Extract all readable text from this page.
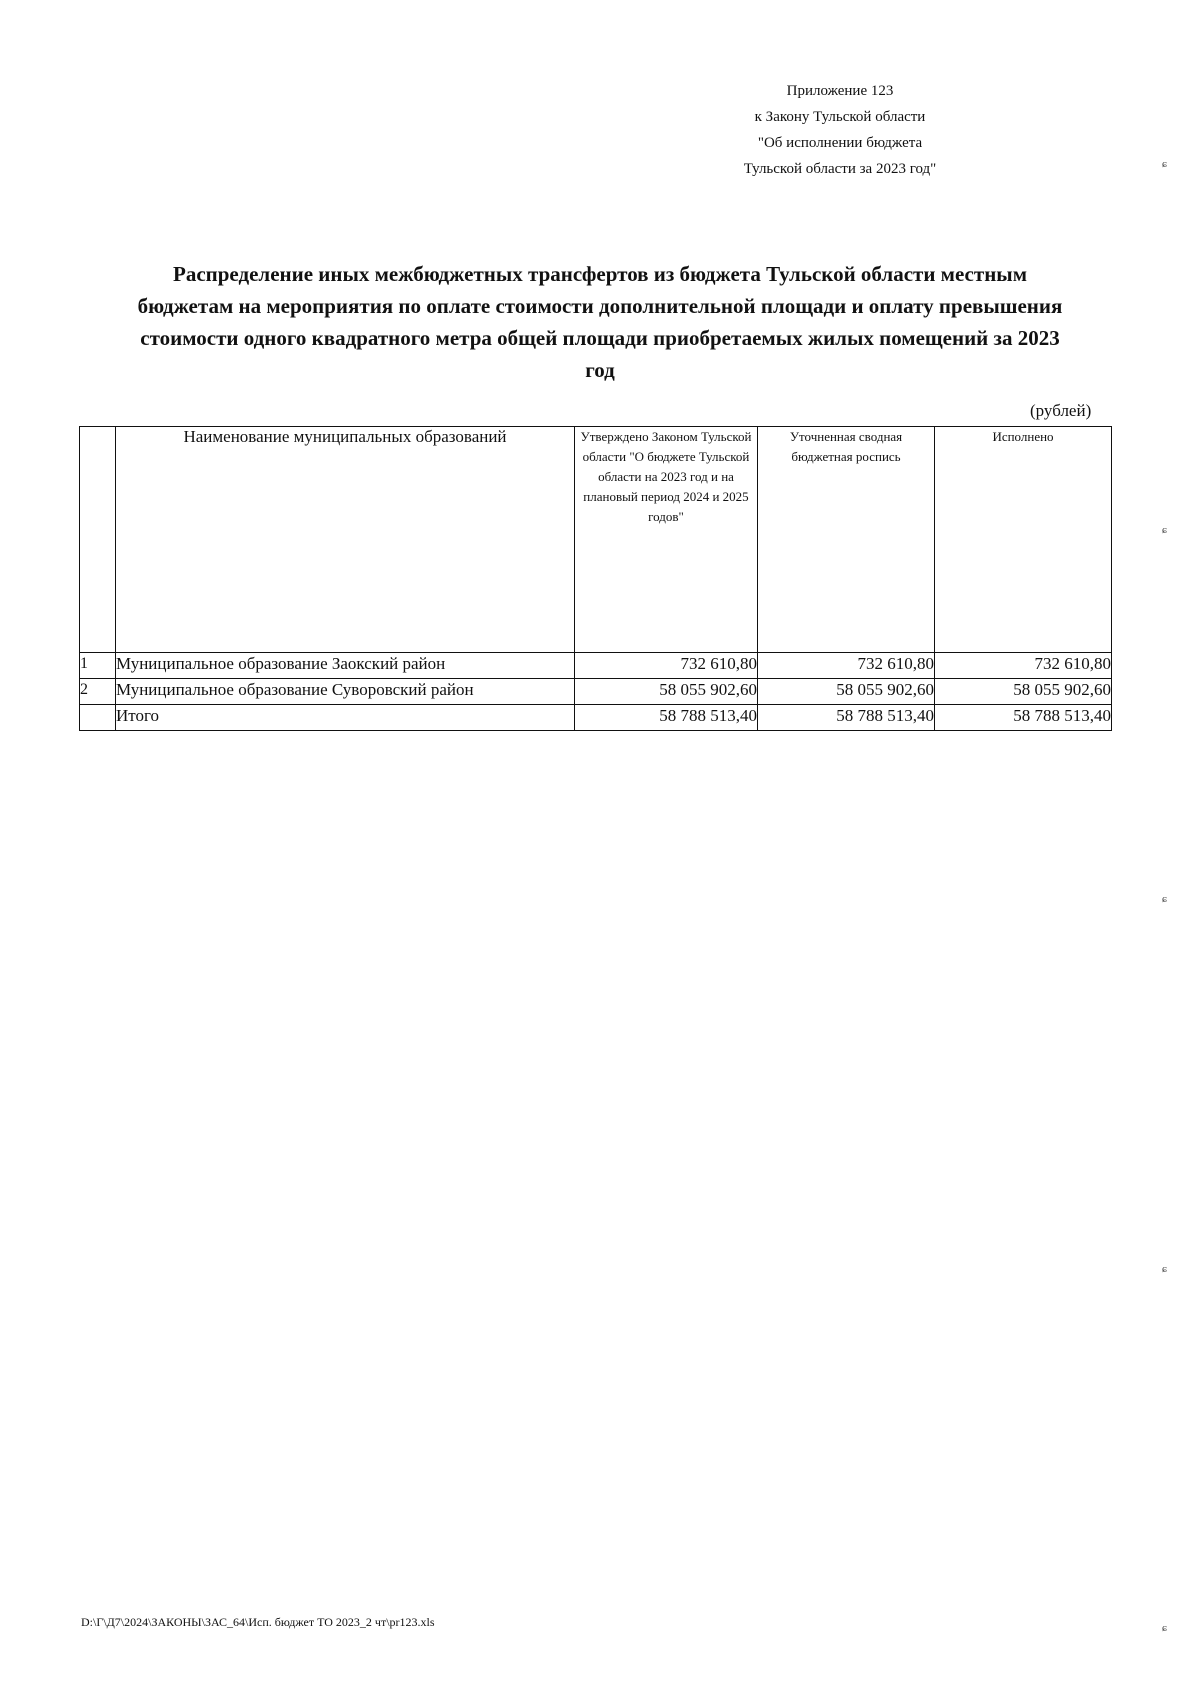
Приложение 123
к Закону Тульской области
"Об исполнении бюджета
Тульской области за 2023 год"
Распределение иных межбюджетных трансфертов из бюджета Тульской области местным
бюджетам на мероприятия по оплате стоимости дополнительной площади и оплату превышения
стоимости одного квадратного метра общей площади приобретаемых жилых помещений за 2023
год
(рублей)
	Наименование муниципальных образований	Утверждено Законом Тульской области "О бюджете Тульской области на 2023 год и на плановый период 2024 и 2025 годов"	Уточненная сводная бюджетная роспись	Исполнено
1	Муниципальное образование Заокский район	732 610,80	732 610,80	732 610,80
2	Муниципальное образование Суворовский район	58 055 902,60	58 055 902,60	58 055 902,60
	Итого	58 788 513,40	58 788 513,40	58 788 513,40
D:\Г\Д7\2024\ЗАКОНЫ\ЗАС_64\Исп. бюджет ТО 2023_2 чт\pr123.xls
ɕ
ɕ
ɕ
ɕ
ɕ
